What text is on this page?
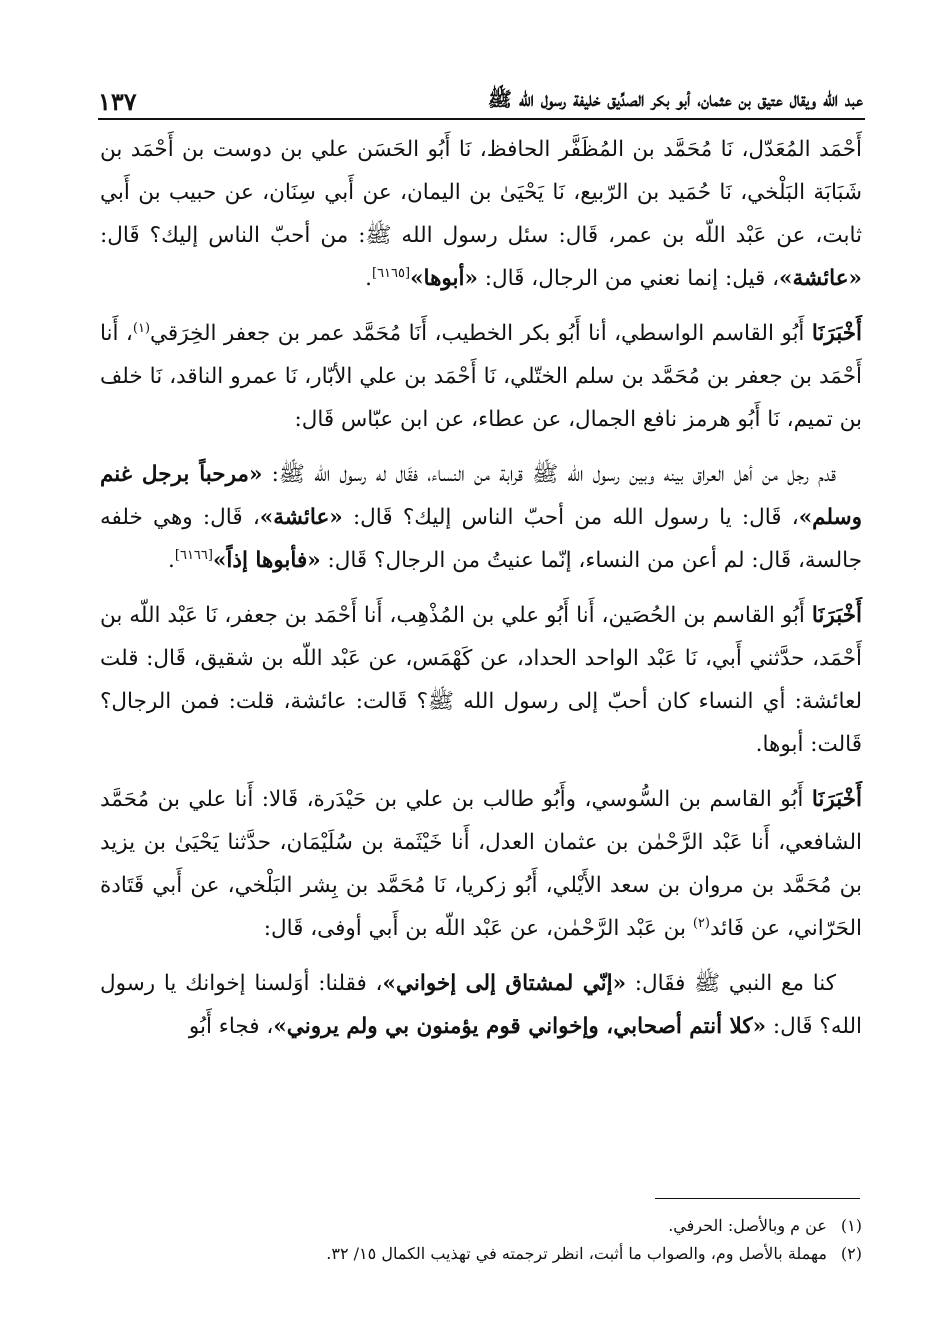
عبد الله ويقال عتيق بن عثمان، أبو بكر الصدِّيق خليفة رسول الله ﷺ
١٣٧

أَحْمَد المُعَدّل، نَا مُحَمَّد بن المُظَفَّر الحافظ، نَا أَبُو الحَسَن علي بن دوست بن أَحْمَد بن شَبَابَة البَلْخي، نَا حُمَيد بن الرّبيع، نَا يَحْيَىٰ بن اليمان، عن أَبي سِنَان، عن حبيب بن أَبي ثابت، عن عَبْد اللّه بن عمر، قَال: سئل رسول الله ﷺ: من أحبّ الناس إليك؟ قَال: «عائشة»، قيل: إنما نعني من الرجال، قَال: «أبوها»[٦١٦٥].

أَخْبَرَنَا أَبُو القاسم الواسطي، أنا أَبُو بكر الخطيب، أَنَا مُحَمَّد عمر بن جعفر الخِرَقي$^{(١)}$، أَنا أَحْمَد بن جعفر بن مُحَمَّد بن سلم الختّلي، نَا أَحْمَد بن علي الأبّار، نَا عمرو الناقد، نَا خلف بن تميم، نَا أَبُو هرمز نافع الجمال، عن عطاء، عن ابن عبّاس قَال:

قدم رجل من أهل العراق بينه وبين رسول الله ﷺ قرابة من النساء، فقَال له رسول الله ﷺ: «مرحباً برجل غنم وسلم»، قَال: يا رسول الله من أحبّ الناس إليك؟ قَال: «عائشة»، قَال: وهي خلفه جالسة، قَال: لم أعن من النساء، إنّما عنيتُ من الرجال؟ قَال: «فأبوها إذاً»[٦١٦٦].

أَخْبَرَنَا أَبُو القاسم بن الحُصَين، أَنا أَبُو علي بن المُذْهِب، أَنا أَحْمَد بن جعفر، نَا عَبْد اللّه بن أَحْمَد، حدَّثني أَبي، نَا عَبْد الواحد الحداد، عن كَهْمَس، عن عَبْد اللّه بن شقيق، قَال: قلت لعائشة: أي النساء كان أحبّ إلى رسول الله ﷺ؟ قَالت: عائشة، قلت: فمن الرجال؟ قَالت: أبوها.

أَخْبَرَنَا أَبُو القاسم بن السُّوسي، وأَبُو طالب بن علي بن حَيْدَرة، قَالا: أَنا علي بن مُحَمَّد الشافعي، أَنا عَبْد الرَّحْمٰن بن عثمان العدل، أَنا خَيْثَمة بن سُلَيْمَان، حدَّثنا يَحْيَىٰ بن يزيد بن مُحَمَّد بن مروان بن سعد الأَيْلي، أَبُو زكريا، نَا مُحَمَّد بن بِشر البَلْخي، عن أَبي قَتَادة الحَرّاني، عن فَائد$^{(٢)}$ بن عَبْد الرَّحْمٰن، عن عَبْد اللّه بن أَبي أوفى، قَال:

كنا مع النبي ﷺ فقَال: «إنّي لمشتاق إلى إخواني»، فقلنا: أوَلسنا إخوانك يا رسول الله؟ قَال: «كلا أنتم أصحابي، وإخواني قوم يؤمنون بي ولم يروني»، فجاء أَبُو

(١)عن م وبالأصل: الحرفي.

(٢)مهملة بالأصل وم، والصواب ما أثبت، انظر ترجمته في تهذيب الكمال ١٥/ ٣٢.
